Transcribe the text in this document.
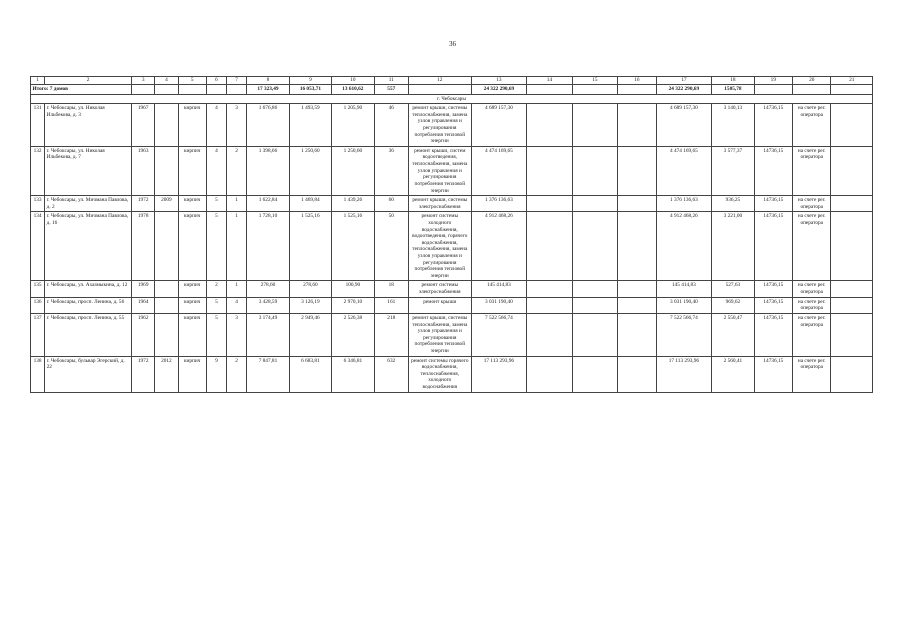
36
1	2	3	4	5	6	7	8	9	10	11	12	13	14	15	16	17	18	19	20	21
Итого: 7 домов							17 323,49	16 053,71	13 610,62	557		24 322 290,69				24 322 290,69	1505,78			
г. Чебоксары																				
131	г. Чебоксары, ул. Николая Ильбекова, д. 3	1967		кирпич	4	3	1 676,86	1 493,59	1 205,90	46	ремонт крыши, системы теплоснабжения, замена узлов управления и регулирования потребления тепловой энергии	4 689 157,30				4 689 157,30	3 140,13	14736,15	на счете рег. оператора	
132	г. Чебоксары, ул. Николая Ильбекова, д. 7	1963		кирпич	4	2	1 398,66	1 250,60	1 250,60	36	ремонт крыши, систем водоотведения, теплоснабжения, замена узлов управления и регулирования потребления тепловой энергии	4 474 169,65				4 474 169,65	3 577,37	14736,15	на счете рег. оператора	
133	г. Чебоксары, ул. Мичмана Павлова, д. 2	1972	2009	кирпич	5	1	1 622,84	1 469,84	1 439,26	60	ремонт крыши, системы электроснабжения	1 376 136,63				1 376 136,63	936,25	14736,15	на счете рег. оператора	
134	г. Чебоксары, ул. Мичмана Павлова, д. 16	1978		кирпич	5	1	1 728,10	1 525,16	1 525,16	50	ремонт системы холодного водоснабжения, водоотведения, горячего водоснабжения, теплоснабжения, замена узлов управления и регулирования потребления тепловой энергии	4 912 468,26				4 912 468,26	3 221,00	14736,15	на счете рег. оператора	
135	г. Чебоксары, ул. Ахазмыкина, д. 12	1969		кирпич	2	1	278,60	278,60	100,90	18	ремонт системы электроснабжения	145 414,83				145 414,83	527,63	14736,15	на счете рег. оператора	
136	г. Чебоксары, просп. Ленина, д. 56	1964		кирпич	5	4	3 428,59	3 126,19	2 970,10	161	ремонт крыши	3 031 190,40				3 031 190,40	969,62	14736,15	на счете рег. оператора	
137	г. Чебоксары, просп. Ленина, д. 55	1962		кирпич	5	3	3 174,49	2 949,46	2 526,38	218	ремонт крыши, системы теплоснабжения, замена узлов управления и регулирования потребления тепловой энергии	7 522 566,74				7 522 566,74	2 550,47	14736,15	на счете рег. оператора	
138	г. Чебоксары, бульвар Эгерский, д. 22	1972	2012	кирпич	9	2	7 847,81	6 683,81	6 346,81	632	ремонт системы горячего водоснабжения, теплоснабжения, холодного водоснабжения	17 113 293,96				17 113 293,96	2 560,41	14736,15	на счете рег. оператора	
